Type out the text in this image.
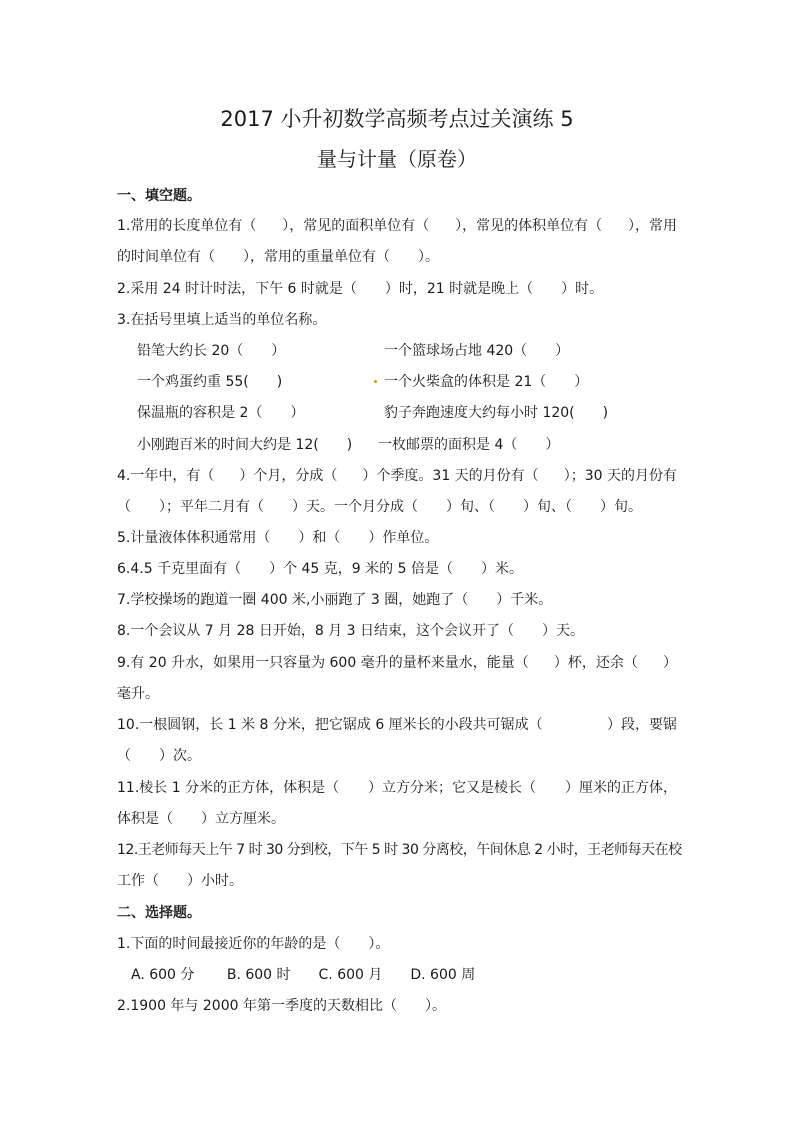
2017 小升初数学高频考点过关演练 5
量与计量（原卷）
一、填空题。
1.常用的长度单位有（ ），常见的面积单位有（ ），常见的体积单位有（ ），常用
的时间单位有（　　），常用的重量单位有（　　）。
2.采用 24 时计时法，下午 6 时就是（　　）时，21 时就是晚上（　　）时。
3.在括号里填上适当的单位名称。
铅笔大约长 20（　　）	一个篮球场占地 420（　　）
一个鸡蛋约重 55(　　)	一个火柴盒的体积是 21（　　）
保温瓶的容积是 2（　　）	豹子奔跑速度大约每小时 120(　　)
小刚跑百米的时间大约是 12(　　) 一枚邮票的面积是 4（　　）
4.一年中，有（ ）个月，分成（ ）个季度。31 天的月份有（ ）；30 天的月份有
（　　）；平年二月有（　　）天。一个月分成（　　）旬、（　　）旬、（　　）旬。
5.计量液体体积通常用（　　）和（　　）作单位。
6.4.5 千克里面有（　　）个 45 克，9 米的 5 倍是（　　）米。
7.学校操场的跑道一圈 400 米,小丽跑了 3 圈，她跑了（　　）千米。
8.一个会议从 7 月 28 日开始，8 月 3 日结束，这个会议开了（　　）天。
9.有 20 升水，如果用一只容量为 600 毫升的量杯来量水，能量（ ）杯，还余（ ）
毫升。
10.一根圆钢，长 1 米 8 分米，把它锯成 6 厘米长的小段共可锯成（	）段，要锯
（　　）次。
11.棱长 1 分米的正方体，体积是（ ）立方分米；它又是棱长（ ）厘米的正方体，
体积是（　　）立方厘米。
12.王老师每天上午 7 时 30 分到校，下午 5 时 30 分离校，午间休息 2 小时，王老师每天在校
工作（　　）小时。
二、选择题。
1.下面的时间最接近你的年龄的是（　　）。
A. 600 分　　 B. 600 时　　C. 600 月　　D. 600 周
2.1900 年与 2000 年第一季度的天数相比（　　）。
